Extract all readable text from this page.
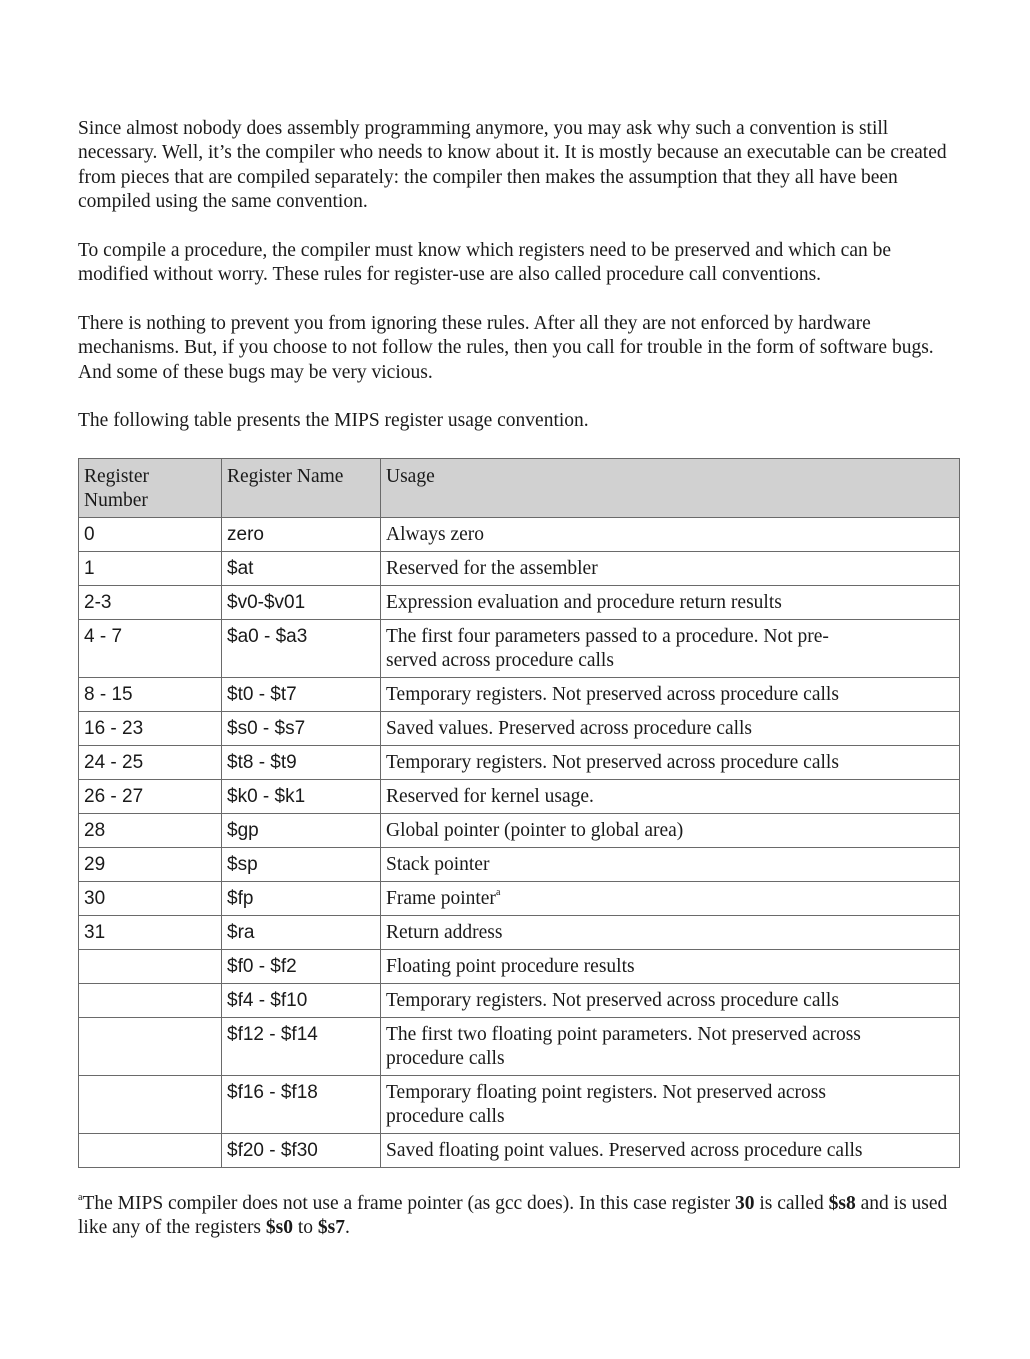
Since almost nobody does assembly programming anymore, you may ask why such a convention is still necessary. Well, it’s the compiler who needs to know about it. It is mostly because an executable can be created from pieces that are compiled separately: the compiler then makes the assumption that they all have been compiled using the same convention.

To compile a procedure, the compiler must know which registers need to be preserved and which can be modified without worry. These rules for register-use are also called procedure call conventions.

There is nothing to prevent you from ignoring these rules. After all they are not enforced by hardware mechanisms. But, if you choose to not follow the rules, then you call for trouble in the form of software bugs. And some of these bugs may be very vicious.

The following table presents the MIPS register usage convention.

Register Number	Register Name	Usage
0	zero	Always zero
1	$at	Reserved for the assembler
2-3	$v0-$v01	Expression evaluation and procedure return results
4 - 7	$a0 - $a3	The first four parameters passed to a procedure. Not pre-served across procedure calls
8 - 15	$t0 - $t7	Temporary registers. Not preserved across procedure calls
16 - 23	$s0 - $s7	Saved values. Preserved across procedure calls
24 - 25	$t8 - $t9	Temporary registers. Not preserved across procedure calls
26 - 27	$k0 - $k1	Reserved for kernel usage.
28	$gp	Global pointer (pointer to global area)
29	$sp	Stack pointer
30	$fp	Frame pointer$^a$
31	$ra	Return address
	$f0 - $f2	Floating point procedure results
	$f4 - $f10	Temporary registers. Not preserved across procedure calls
	$f12 - $f14	The first two floating point parameters. Not preserved across procedure calls
	$f16 - $f18	Temporary floating point registers. Not preserved across procedure calls
	$f20 - $f30	Saved floating point values. Preserved across procedure calls

$^a$The MIPS compiler does not use a frame pointer (as gcc does). In this case register 30 is called $s8 and is used like any of the registers $s0 to $s7.
